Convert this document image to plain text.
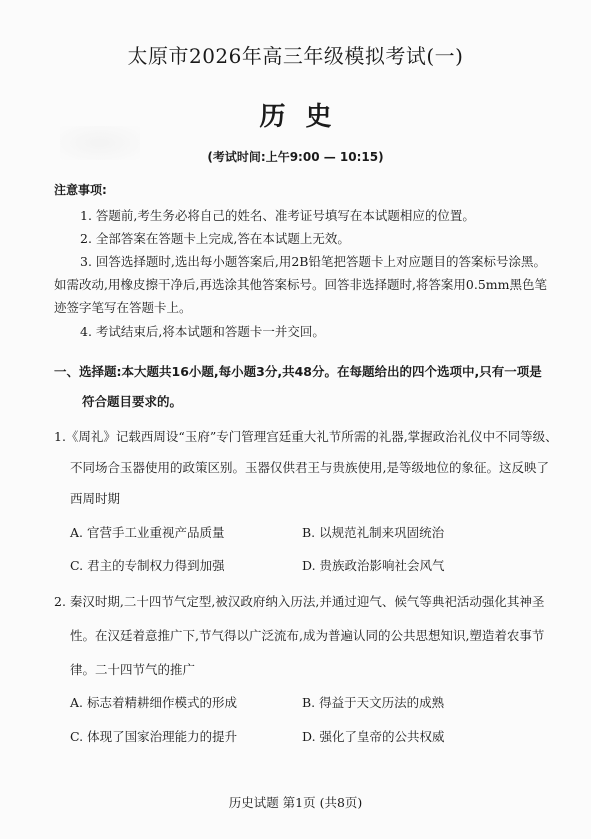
太原市2026年高三年级模拟考试(一)
历史
(考试时间:上午9:00 — 10:15)
注意事项:
1. 答题前,考生务必将自己的姓名、准考证号填写在本试题相应的位置。
2. 全部答案在答题卡上完成,答在本试题上无效。
3. 回答选择题时,选出每小题答案后,用2B铅笔把答题卡上对应题目的答案标号涂黑。
如需改动,用橡皮擦干净后,再选涂其他答案标号。回答非选择题时,将答案用0.5mm黑色笔
迹签字笔写在答题卡上。
4. 考试结束后,将本试题和答题卡一并交回。
一、选择题:本大题共16小题,每小题3分,共48分。在每题给出的四个选项中,只有一项是
符合题目要求的。
1.《周礼》记载西周设“玉府”专门管理宫廷重大礼节所需的礼器,掌握政治礼仪中不同等级、
不同场合玉器使用的政策区别。玉器仅供君王与贵族使用,是等级地位的象征。这反映了
西周时期
A. 官营手工业重视产品质量	B. 以规范礼制来巩固统治
C. 君主的专制权力得到加强	D. 贵族政治影响社会风气
2. 秦汉时期,二十四节气定型,被汉政府纳入历法,并通过迎气、候气等典祀活动强化其神圣
性。在汉廷着意推广下,节气得以广泛流布,成为普遍认同的公共思想知识,塑造着农事节
律。二十四节气的推广
A. 标志着精耕细作模式的形成	B. 得益于天文历法的成熟
C. 体现了国家治理能力的提升	D. 强化了皇帝的公共权威
历史试题 第1页 (共8页)
